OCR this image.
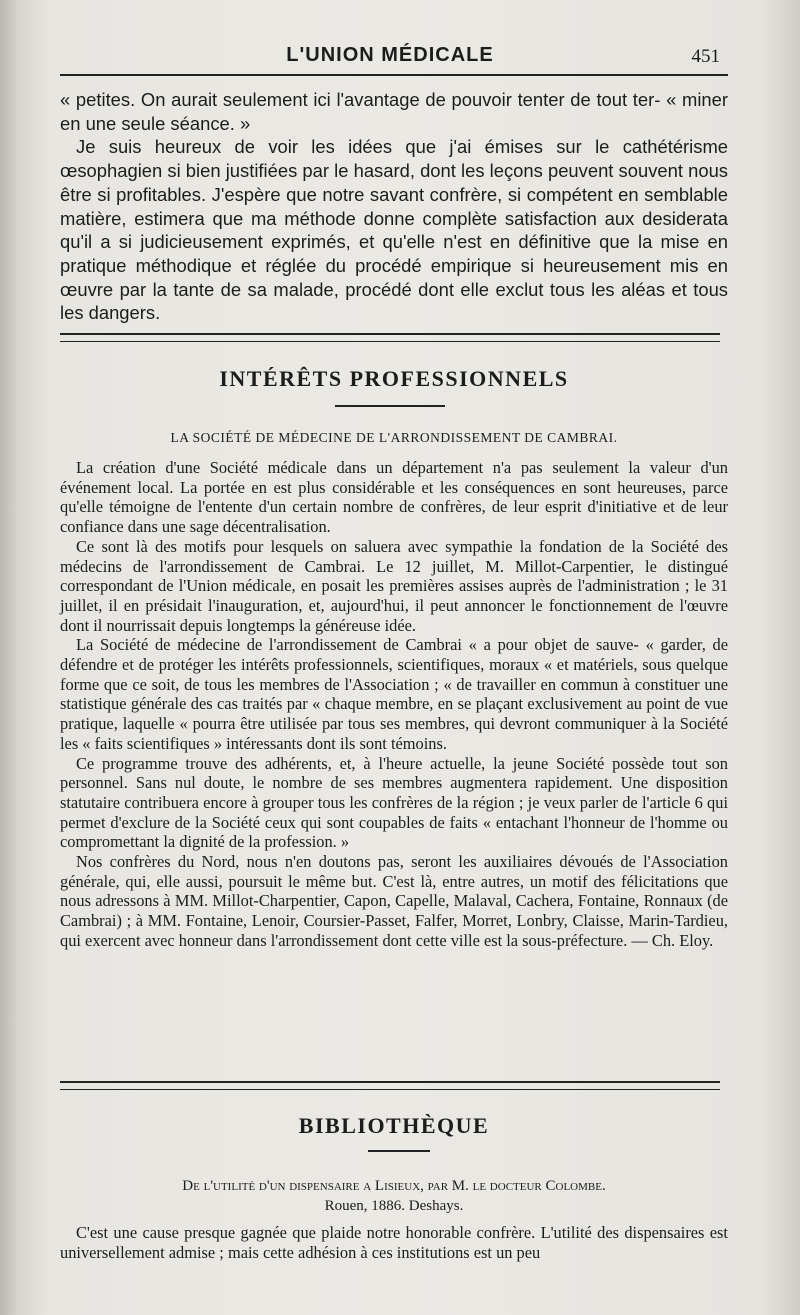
L'UNION MÉDICALE	451

« petites. On aurait seulement ici l'avantage de pouvoir tenter de tout ter- « miner en une seule séance. »

Je suis heureux de voir les idées que j'ai émises sur le cathétérisme œsophagien si bien justifiées par le hasard, dont les leçons peuvent souvent nous être si profitables. J'espère que notre savant confrère, si compétent en semblable matière, estimera que ma méthode donne complète satisfaction aux desiderata qu'il a si judicieusement exprimés, et qu'elle n'est en définitive que la mise en pratique méthodique et réglée du procédé empirique si heureusement mis en œuvre par la tante de sa malade, procédé dont elle exclut tous les aléas et tous les dangers.

INTÉRÊTS PROFESSIONNELS
LA SOCIÉTÉ DE MÉDECINE DE L'ARRONDISSEMENT DE CAMBRAI.

La création d'une Société médicale dans un département n'a pas seulement la valeur d'un événement local. La portée en est plus considérable et les conséquences en sont heureuses, parce qu'elle témoigne de l'entente d'un certain nombre de confrères, de leur esprit d'initiative et de leur confiance dans une sage décentralisation.

Ce sont là des motifs pour lesquels on saluera avec sympathie la fondation de la Société des médecins de l'arrondissement de Cambrai. Le 12 juillet, M. Millot-Carpentier, le distingué correspondant de l'Union médicale, en posait les premières assises auprès de l'administration ; le 31 juillet, il en présidait l'inauguration, et, aujourd'hui, il peut annoncer le fonctionnement de l'œuvre dont il nourrissait depuis longtemps la généreuse idée.

La Société de médecine de l'arrondissement de Cambrai « a pour objet de sauve- « garder, de défendre et de protéger les intérêts professionnels, scientifiques, moraux « et matériels, sous quelque forme que ce soit, de tous les membres de l'Association ; « de travailler en commun à constituer une statistique générale des cas traités par « chaque membre, en se plaçant exclusivement au point de vue pratique, laquelle « pourra être utilisée par tous ses membres, qui devront communiquer à la Société les « faits scientifiques » intéressants dont ils sont témoins.

Ce programme trouve des adhérents, et, à l'heure actuelle, la jeune Société possède tout son personnel. Sans nul doute, le nombre de ses membres augmentera rapidement. Une disposition statutaire contribuera encore à grouper tous les confrères de la région ; je veux parler de l'article 6 qui permet d'exclure de la Société ceux qui sont coupables de faits « entachant l'honneur de l'homme ou compromettant la dignité de la profession. »

Nos confrères du Nord, nous n'en doutons pas, seront les auxiliaires dévoués de l'Association générale, qui, elle aussi, poursuit le même but. C'est là, entre autres, un motif des félicitations que nous adressons à MM. Millot-Charpentier, Capon, Capelle, Malaval, Cachera, Fontaine, Ronnaux (de Cambrai) ; à MM. Fontaine, Lenoir, Coursier-Passet, Falfer, Morret, Lonbry, Claisse, Marin-Tardieu, qui exercent avec honneur dans l'arrondissement dont cette ville est la sous-préfecture. — Ch. Eloy.

BIBLIOTHÈQUE
De l'utilité d'un dispensaire a Lisieux, par M. le docteur Colombe.
Rouen, 1886. Deshays.

C'est une cause presque gagnée que plaide notre honorable confrère. L'utilité des dispensaires est universellement admise ; mais cette adhésion à ces institutions est un peu
